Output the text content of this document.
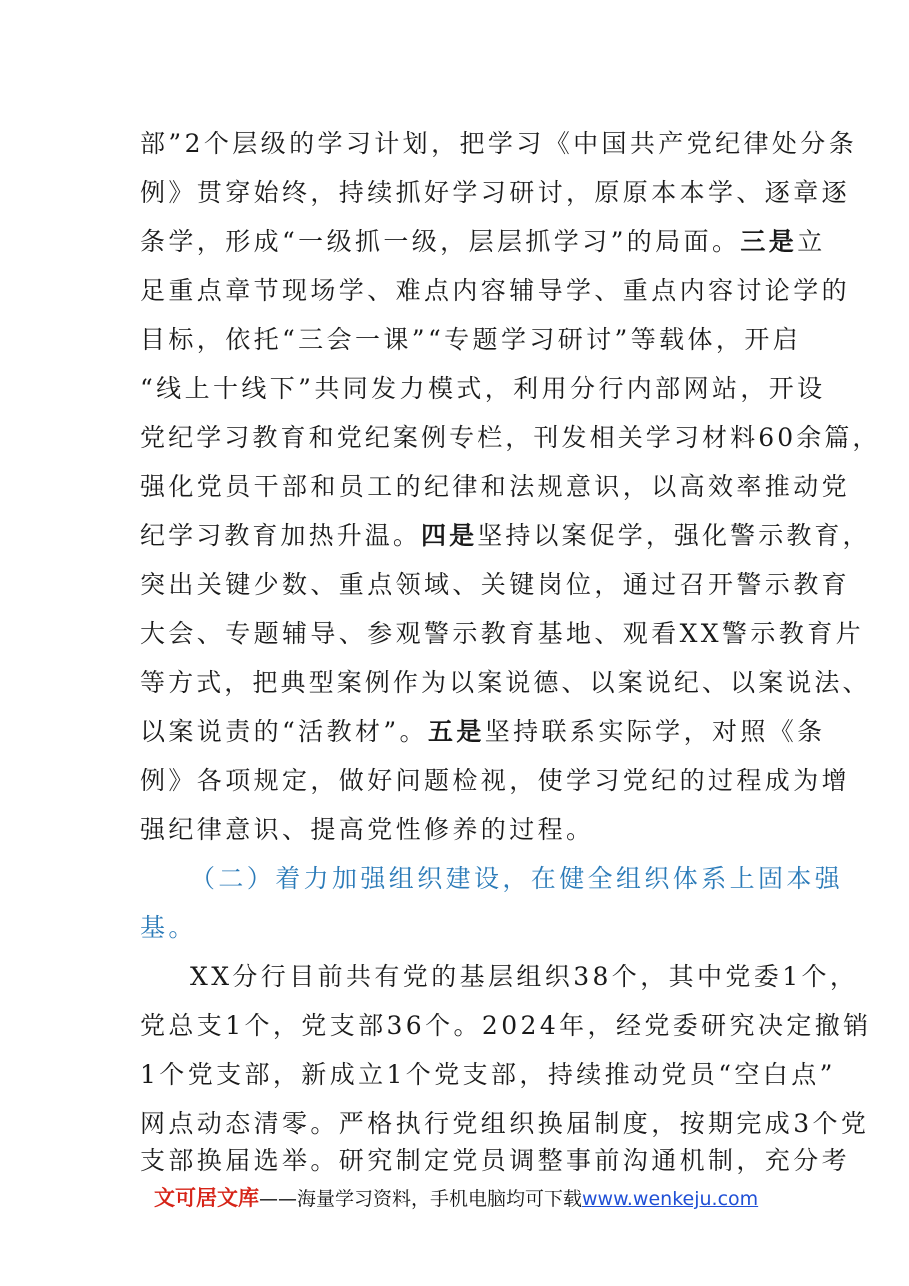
部”2个层级的学习计划，把学习《中国共产党纪律处分条
例》贯穿始终，持续抓好学习研讨，原原本本学、逐章逐
条学，形成“一级抓一级，层层抓学习”的局面。三是立
足重点章节现场学、难点内容辅导学、重点内容讨论学的
目标，依托“三会一课”“专题学习研讨”等载体，开启
“线上十线下”共同发力模式，利用分行内部网站，开设
党纪学习教育和党纪案例专栏，刊发相关学习材料60余篇，
强化党员干部和员工的纪律和法规意识，以高效率推动党
纪学习教育加热升温。四是坚持以案促学，强化警示教育，
突出关键少数、重点领域、关键岗位，通过召开警示教育
大会、专题辅导、参观警示教育基地、观看XX警示教育片
等方式，把典型案例作为以案说德、以案说纪、以案说法、
以案说责的“活教材”。五是坚持联系实际学，对照《条
例》各项规定，做好问题检视，使学习党纪的过程成为增
强纪律意识、提高党性修养的过程。
（二）着力加强组织建设，在健全组织体系上固本强
基。
XX分行目前共有党的基层组织38个，其中党委1个，
党总支1个，党支部36个。2024年，经党委研究决定撤销
1个党支部，新成立1个党支部，持续推动党员“空白点”
网点动态清零。严格执行党组织换届制度，按期完成3个党
支部换届选举。研究制定党员调整事前沟通机制，充分考
文可居文库——海量学习资料，手机电脑均可下载www.wenkeju.com
